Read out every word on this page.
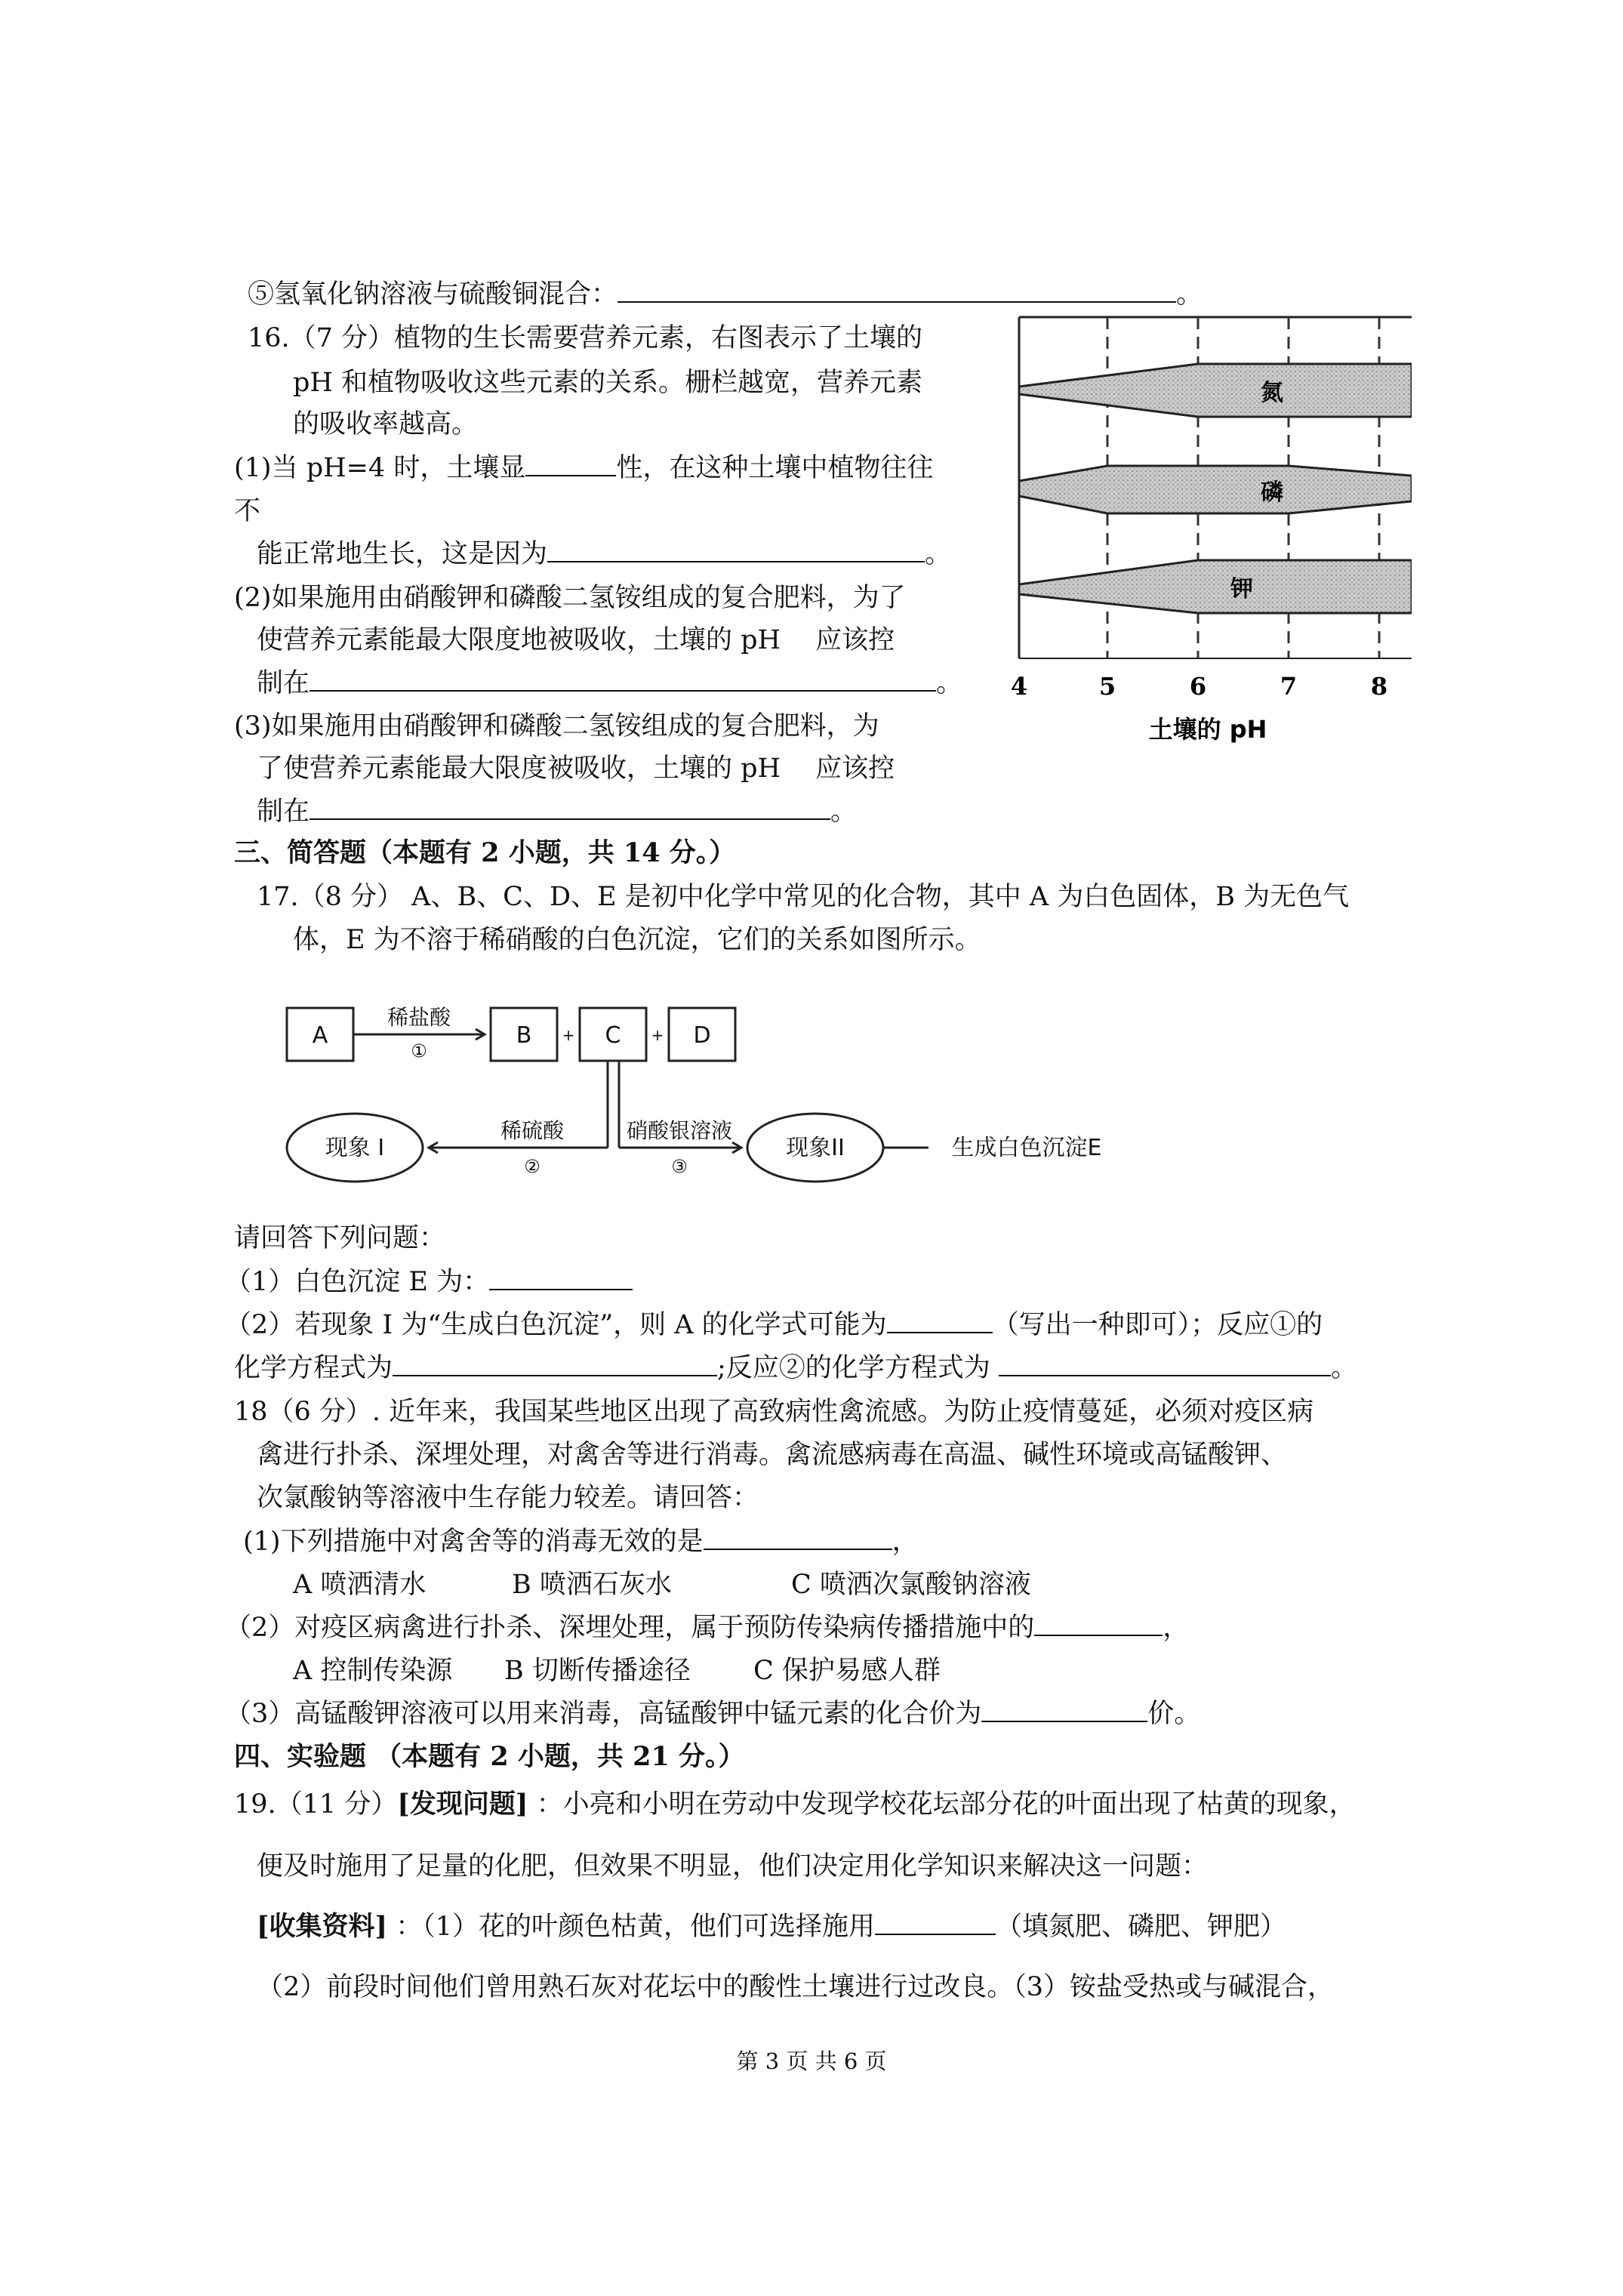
⑤氢氧化钠溶液与硫酸铜混合：	。
16.（7 分）植物的生长需要营养元素，右图表示了土壤的
pH 和植物吸收这些元素的关系。栅栏越宽，营养元素
的吸收率越高。
(1)当 pH=4 时，土壤显	性，在这种土壤中植物往往
不
能正常地生长，这是因为	。
(2)如果施用由硝酸钾和磷酸二氢铵组成的复合肥料，为了
使营养元素能最大限度地被吸收，土壤的 pH　 应该控
制在	。
(3)如果施用由硝酸钾和磷酸二氢铵组成的复合肥料，为
了使营养元素能最大限度被吸收，土壤的 pH　 应该控
制在	。
氮
磷
钾
4	5	6	7	8
土壤的 pH
三、简答题（本题有 2 小题，共 14 分。）
17.（8 分） A、B、C、D、E 是初中化学中常见的化合物，其中 A 为白色固体，B 为无色气
体，E 为不溶于稀硝酸的白色沉淀，它们的关系如图所示。
A	B	C	D
+	+
稀盐酸
①
稀硫酸
②
硝酸银溶液
③
现象 I	现象II	生成白色沉淀E
请回答下列问题：
（1）白色沉淀 E 为：
（2）若现象 I 为“生成白色沉淀”，则 A 的化学式可能为	（写出一种即可）；反应①的
化学方程式为	;反应②的化学方程式为	。
18（6 分）. 近年来，我国某些地区出现了高致病性禽流感。为防止疫情蔓延，必须对疫区病
禽进行扑杀、深埋处理，对禽舍等进行消毒。禽流感病毒在高温、碱性环境或高锰酸钾、
次氯酸钠等溶液中生存能力较差。请回答：
(1)下列措施中对禽舍等的消毒无效的是	，
A 喷洒清水	B 喷洒石灰水	C 喷洒次氯酸钠溶液
（2）对疫区病禽进行扑杀、深埋处理，属于预防传染病传播措施中的	，
A 控制传染源 B 切断传播途径 C 保护易感人群
（3）高锰酸钾溶液可以用来消毒，高锰酸钾中锰元素的化合价为	价。
四、实验题 （本题有 2 小题，共 21 分。）
19.（11 分）[发现问题] ：小亮和小明在劳动中发现学校花坛部分花的叶面出现了枯黄的现象，
便及时施用了足量的化肥，但效果不明显，他们决定用化学知识来解决这一问题：
[收集资料] ：（1）花的叶颜色枯黄，他们可选择施用	（填氮肥、磷肥、钾肥）
（2）前段时间他们曾用熟石灰对花坛中的酸性土壤进行过改良。（3）铵盐受热或与碱混合，
第 3 页 共 6 页
